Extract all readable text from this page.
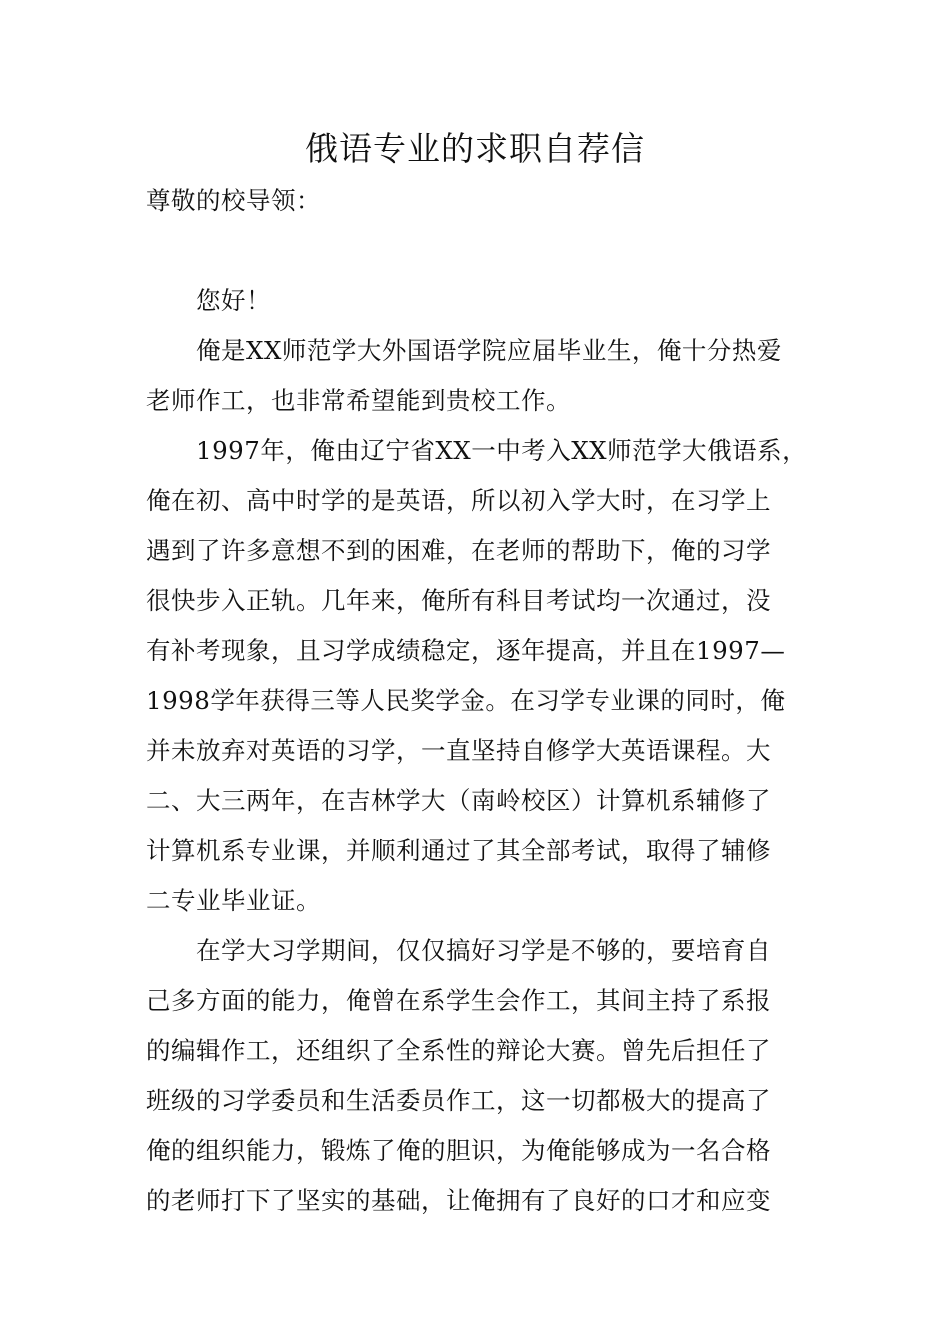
俄语专业的求职自荐信
尊敬的校导领：
您好！
俺是XX师范学大外国语学院应届毕业生，俺十分热爱
老师作工，也非常希望能到贵校工作。
1997年，俺由辽宁省XX一中考入XX师范学大俄语系，
俺在初、高中时学的是英语，所以初入学大时，在习学上
遇到了许多意想不到的困难，在老师的帮助下，俺的习学
很快步入正轨。几年来，俺所有科目考试均一次通过，没
有补考现象，且习学成绩稳定，逐年提高，并且在1997—
1998学年获得三等人民奖学金。在习学专业课的同时，俺
并未放弃对英语的习学，一直坚持自修学大英语课程。大
二、大三两年，在吉林学大（南岭校区）计算机系辅修了
计算机系专业课，并顺利通过了其全部考试，取得了辅修
二专业毕业证。
在学大习学期间，仅仅搞好习学是不够的，要培育自
己多方面的能力，俺曾在系学生会作工，其间主持了系报
的编辑作工，还组织了全系性的辩论大赛。曾先后担任了
班级的习学委员和生活委员作工，这一切都极大的提高了
俺的组织能力，锻炼了俺的胆识，为俺能够成为一名合格
的老师打下了坚实的基础，让俺拥有了良好的口才和应变
